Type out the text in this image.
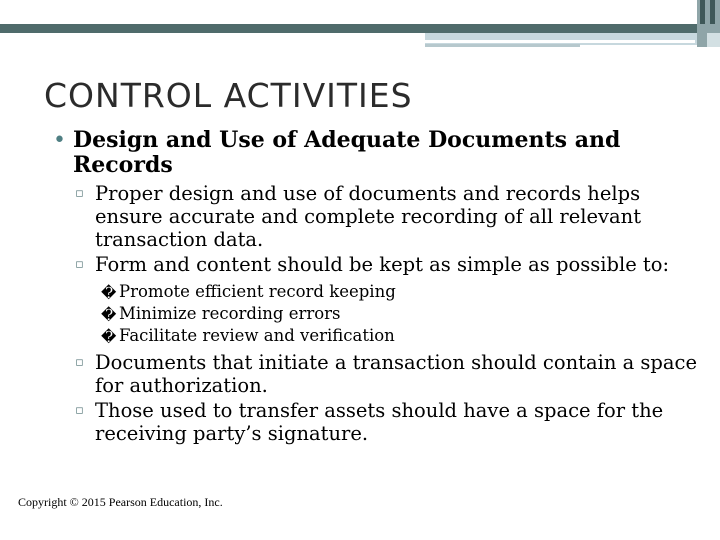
CONTROL ACTIVITIES
• Design and Use of Adequate Documents and Records
▫ Proper design and use of documents and records helps ensure accurate and complete recording of all relevant transaction data.
▫ Form and content should be kept as simple as possible to:
� Promote efficient record keeping
� Minimize recording errors
� Facilitate review and verification
▫ Documents that initiate a transaction should contain a space for authorization.
▫ Those used to transfer assets should have a space for the receiving party’s signature.
Copyright © 2015 Pearson Education, Inc.
